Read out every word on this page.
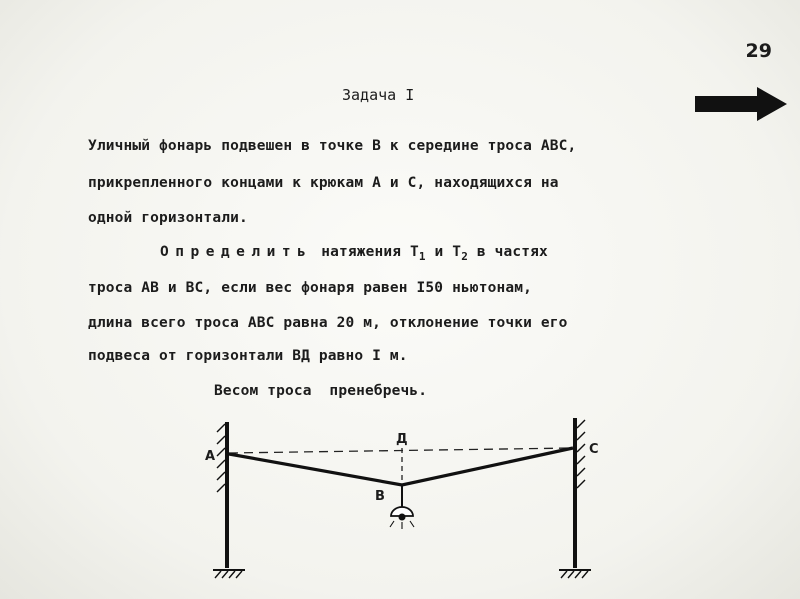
29
Задача I
Уличный фонарь подвешен в точке В к середине троса АВС,
прикрепленного концами к крюкам А и С, находящихся на
одной горизонтали.
Определить натяжения $Т_1$ и $Т_2$ в частях
троса АВ и ВС, если вес фонаря равен I50 ньютонам,
длина всего троса АВС равна 20 м, отклонение точки его
подвеса от горизонтали ВД равно I м.
Весом троса  пренебречь.
А	С
Д
В
